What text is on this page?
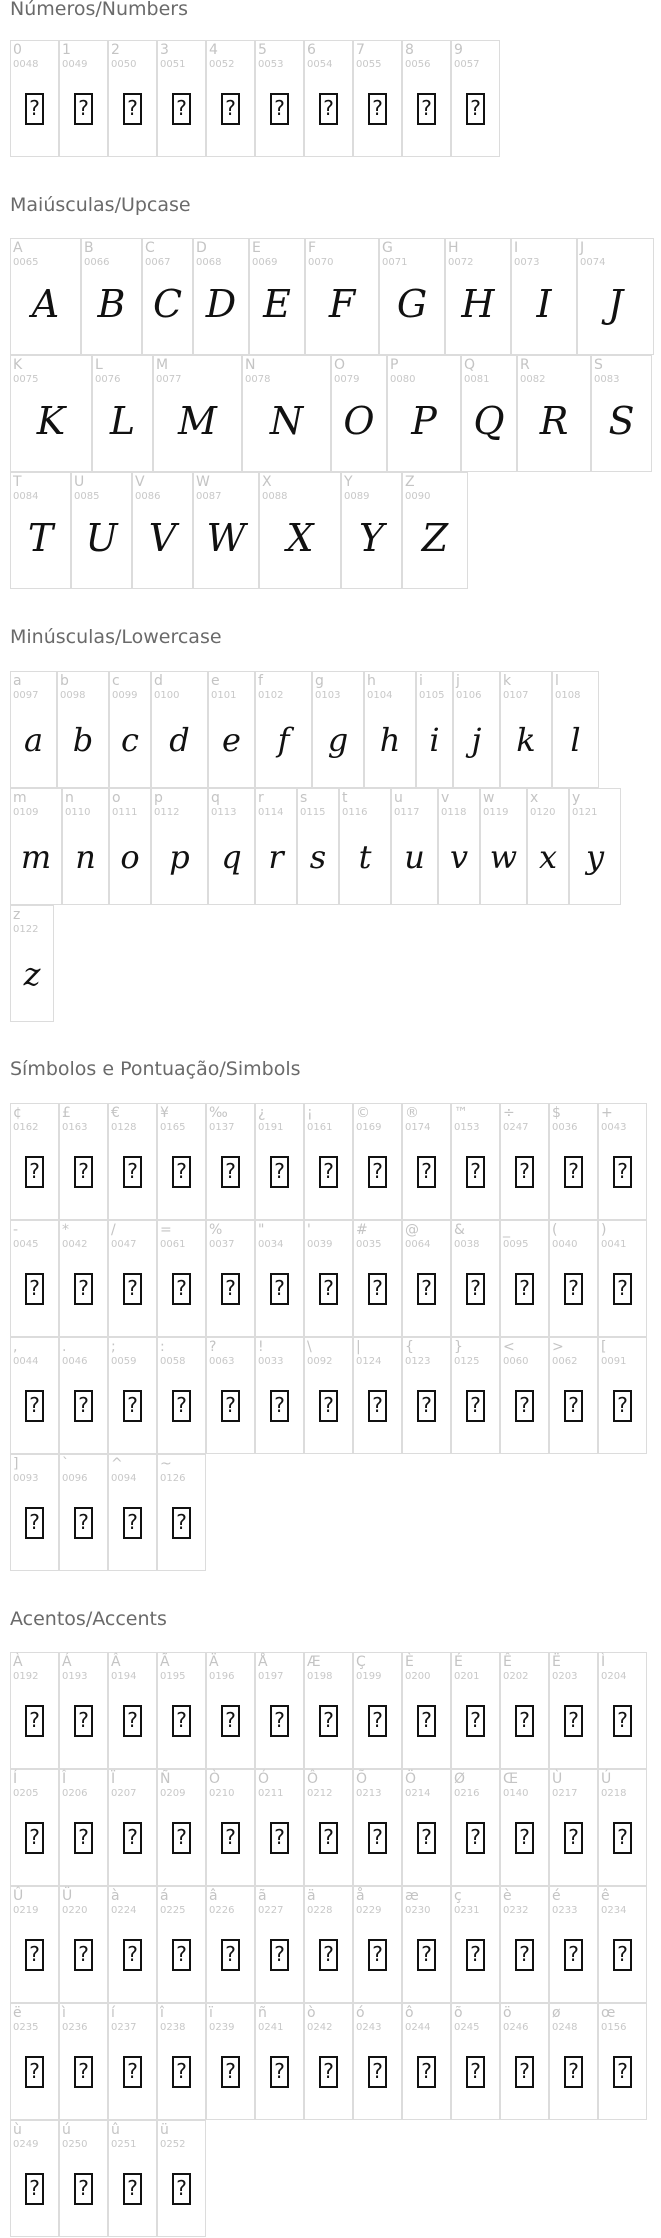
Números/Numbers
Maiúsculas/Upcase
Minúsculas/Lowercase
Símbolos e Pontuação/Simbols
Acentos/Accents
0
0048
?
1
0049
?
2
0050
?
3
0051
?
4
0052
?
5
0053
?
6
0054
?
7
0055
?
8
0056
?
9
0057
?
A
0065
A
B
0066
B
C
0067
C
D
0068
D
E
0069
E
F
0070
F
G
0071
G
H
0072
H
I
0073
I
J
0074
J
K
0075
K
L
0076
L
M
0077
M
N
0078
N
O
0079
O
P
0080
P
Q
0081
Q
R
0082
R
S
0083
S
T
0084
T
U
0085
U
V
0086
V
W
0087
W
X
0088
X
Y
0089
Y
Z
0090
Z
a
0097
a
b
0098
b
c
0099
c
d
0100
d
e
0101
e
f
0102
f
g
0103
g
h
0104
h
i
0105
i
j
0106
j
k
0107
k
l
0108
l
m
0109
m
n
0110
n
o
0111
o
p
0112
p
q
0113
q
r
0114
r
s
0115
s
t
0116
t
u
0117
u
v
0118
v
w
0119
w
x
0120
x
y
0121
y
z
0122
z
¢
0162
?
£
0163
?
€
0128
?
¥
0165
?
‰
0137
?
¿
0191
?
¡
0161
?
©
0169
?
®
0174
?
™
0153
?
÷
0247
?
$
0036
?
+
0043
?
-
0045
?
*
0042
?
/
0047
?
=
0061
?
%
0037
?
"
0034
?
'
0039
?
#
0035
?
@
0064
?
&
0038
?
_
0095
?
(
0040
?
)
0041
?
,
0044
?
.
0046
?
;
0059
?
:
0058
?
?
0063
?
!
0033
?
\
0092
?
|
0124
?
{
0123
?
}
0125
?
<
0060
?
>
0062
?
[
0091
?
]
0093
?
`
0096
?
^
0094
?
~
0126
?
À
0192
?
Á
0193
?
Â
0194
?
Ã
0195
?
Ä
0196
?
Å
0197
?
Æ
0198
?
Ç
0199
?
È
0200
?
É
0201
?
Ê
0202
?
Ë
0203
?
Ì
0204
?
Í
0205
?
Î
0206
?
Ï
0207
?
Ñ
0209
?
Ò
0210
?
Ó
0211
?
Ô
0212
?
Õ
0213
?
Ö
0214
?
Ø
0216
?
Œ
0140
?
Ù
0217
?
Ú
0218
?
Û
0219
?
Ü
0220
?
à
0224
?
á
0225
?
â
0226
?
ã
0227
?
ä
0228
?
å
0229
?
æ
0230
?
ç
0231
?
è
0232
?
é
0233
?
ê
0234
?
ë
0235
?
ì
0236
?
í
0237
?
î
0238
?
ï
0239
?
ñ
0241
?
ò
0242
?
ó
0243
?
ô
0244
?
õ
0245
?
ö
0246
?
ø
0248
?
œ
0156
?
ù
0249
?
ú
0250
?
û
0251
?
ü
0252
?
